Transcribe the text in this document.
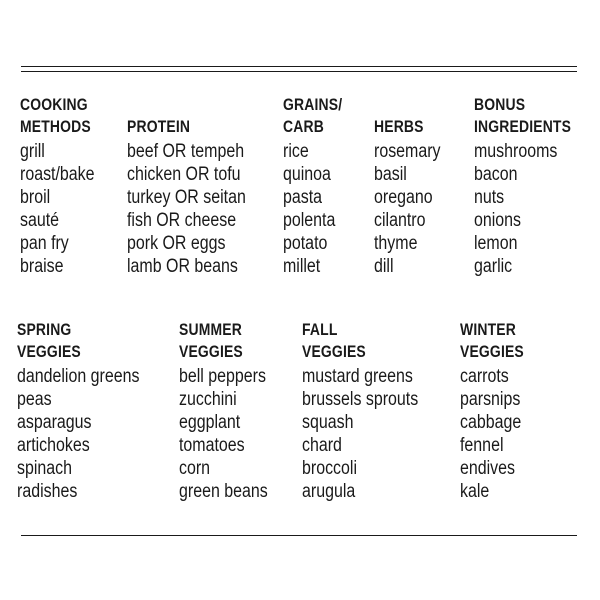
COOKING
METHODS
grill
roast/bake
broil
sauté
pan fry
braise
PROTEIN
beef OR tempeh
chicken OR tofu
turkey OR seitan
fish OR cheese
pork OR eggs
lamb OR beans
GRAINS/
CARB
rice
quinoa
pasta
polenta
potato
millet
HERBS
rosemary
basil
oregano
cilantro
thyme
dill
BONUS
INGREDIENTS
mushrooms
bacon
nuts
onions
lemon
garlic
SPRING
VEGGIES
dandelion greens
peas
asparagus
artichokes
spinach
radishes
SUMMER
VEGGIES
bell peppers
zucchini
eggplant
tomatoes
corn
green beans
FALL
VEGGIES
mustard greens
brussels sprouts
squash
chard
broccoli
arugula
WINTER
VEGGIES
carrots
parsnips
cabbage
fennel
endives
kale
